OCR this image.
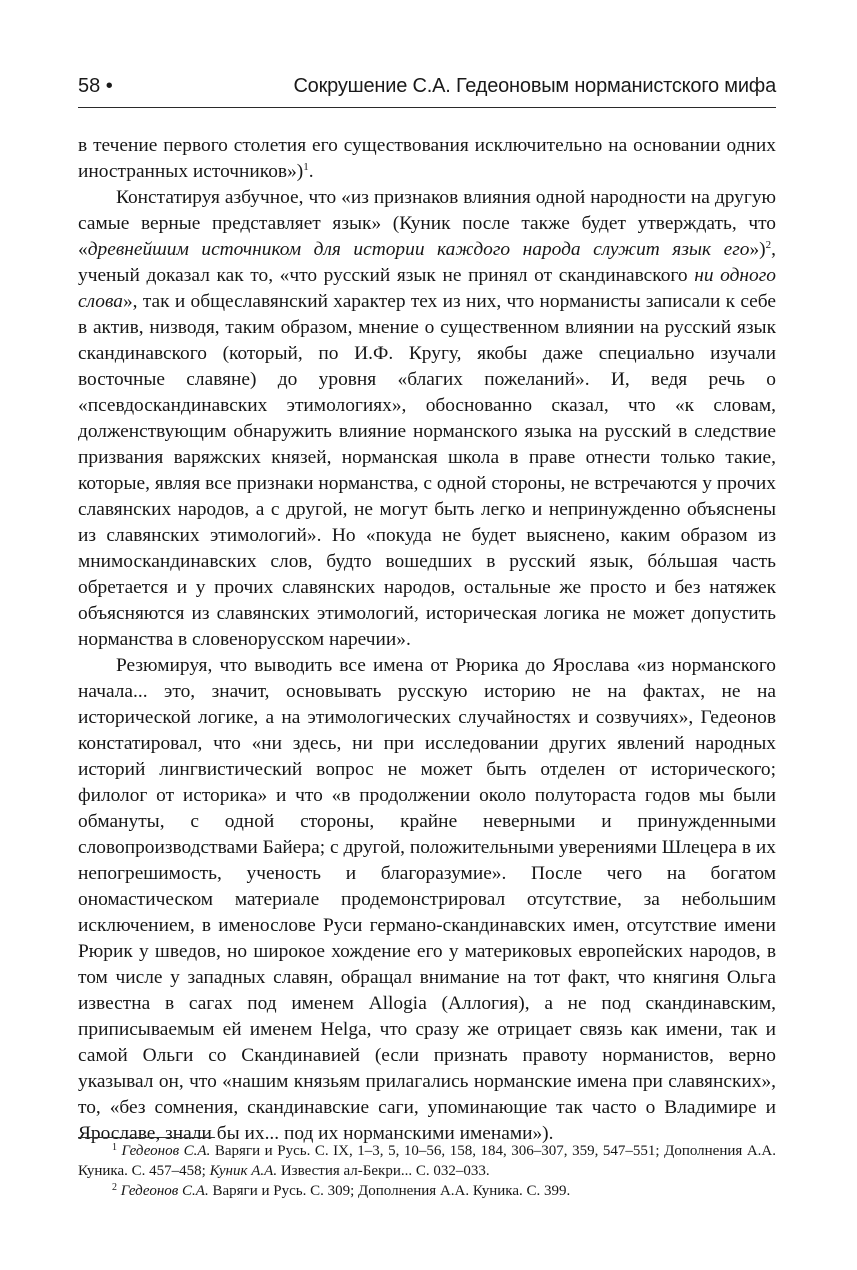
58 •	Сокрушение С.А. Гедеоновым норманистского мифа

в течение первого столетия его существования исключительно на основании одних иностранных источников»)$^1$.

Констатируя азбучное, что «из признаков влияния одной народности на другую самые верные представляет язык» (Куник после также будет утверждать, что «древнейшим источником для истории каждого народа служит язык его»)$^2$, ученый доказал как то, «что русский язык не принял от скандинавского ни одного слова», так и общеславянский характер тех из них, что норманисты записали к себе в актив, низводя, таким образом, мнение о существенном влиянии на русский язык скандинавского (который, по И.Ф. Кругу, якобы даже специально изучали восточные славяне) до уровня «благих пожеланий». И, ведя речь о «псевдоскандинавских этимологиях», обоснованно сказал, что «к словам, долженствующим обнаружить влияние норманского языка на русский в следствие призвания варяжских князей, норманская школа в праве отнести только такие, которые, являя все признаки норманства, с одной стороны, не встречаются у прочих славянских народов, а с другой, не могут быть легко и непринужденно объяснены из славянских этимологий». Но «покуда не будет выяснено, каким образом из мнимоскандинавских слов, будто вошедших в русский язык, бóльшая часть обретается и у прочих славянских народов, остальные же просто и без натяжек объясняются из славянских этимологий, историческая логика не может допустить норманства в словенорусском наречии».

Резюмируя, что выводить все имена от Рюрика до Ярослава «из норманского начала... это, значит, основывать русскую историю не на фактах, не на исторической логике, а на этимологических случайностях и созвучиях», Гедеонов констатировал, что «ни здесь, ни при исследовании других явлений народных историй лингвистический вопрос не может быть отделен от исторического; филолог от историка» и что «в продолжении около полутораста годов мы были обмануты, с одной стороны, крайне неверными и принужденными словопроизводствами Байера; с другой, положительными уверениями Шлецера в их непогрешимость, ученость и благоразумие». После чего на богатом ономастическом материале продемонстрировал отсутствие, за небольшим исключением, в именослове Руси германо-скандинавских имен, отсутствие имени Рюрик у шведов, но широкое хождение его у материковых европейских народов, в том числе у западных славян, обращал внимание на тот факт, что княгиня Ольга известна в сагах под именем Allogia (Аллогия), а не под скандинавским, приписываемым ей именем Helga, что сразу же отрицает связь как имени, так и самой Ольги со Скандинавией (если признать правоту норманистов, верно указывал он, что «нашим князьям прилагались норманские имена при славянских», то, «без сомнения, скандинавские саги, упоминающие так часто о Владимире и Ярославе, знали бы их... под их норманскими именами»).

$^1$ Гедеонов С.А. Варяги и Русь. С. IX, 1–3, 5, 10–56, 158, 184, 306–307, 359, 547–551; Дополнения А.А. Куника. С. 457–458; Куник А.А. Известия ал-Бекри... С. 032–033.

$^2$ Гедеонов С.А. Варяги и Русь. С. 309; Дополнения А.А. Куника. С. 399.
